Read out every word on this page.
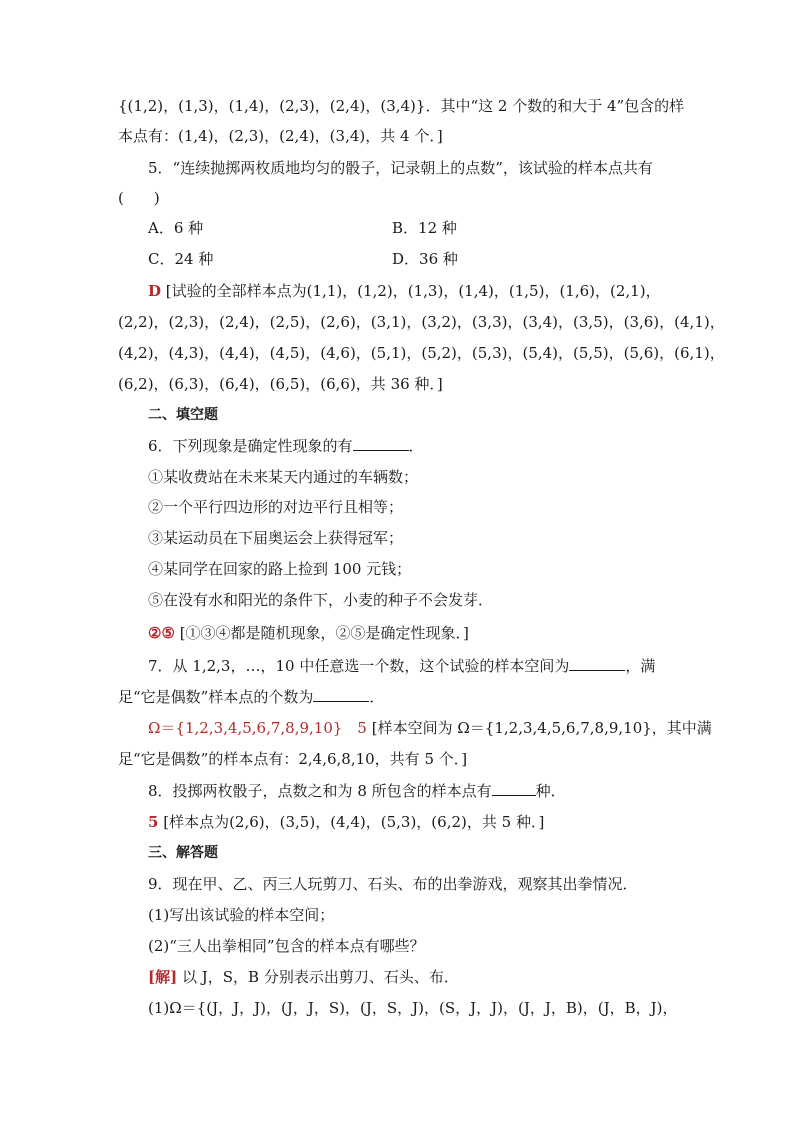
{(1,2)，(1,3)，(1,4)，(2,3)，(2,4)，(3,4)}．其中“这 2 个数的和大于 4”包含的样
本点有：(1,4)，(2,3)，(2,4)，(3,4)，共 4 个．]
5．“连续抛掷两枚质地均匀的骰子，记录朝上的点数”，该试验的样本点共有
(　　)
A．6 种	B．12 种
C．24 种	D．36 种
D [试验的全部样本点为(1,1)，(1,2)，(1,3)，(1,4)，(1,5)，(1,6)，(2,1)，
(2,2)，(2,3)，(2,4)，(2,5)，(2,6)，(3,1)，(3,2)，(3,3)，(3,4)，(3,5)，(3,6)，(4,1)，
(4,2)，(4,3)，(4,4)，(4,5)，(4,6)，(5,1)，(5,2)，(5,3)，(5,4)，(5,5)，(5,6)，(6,1)，
(6,2)，(6,3)，(6,4)，(6,5)，(6,6)，共 36 种．]
二、填空题
6．下列现象是确定性现象的有	．
①某收费站在未来某天内通过的车辆数；
②一个平行四边形的对边平行且相等；
③某运动员在下届奥运会上获得冠军；
④某同学在回家的路上捡到 100 元钱；
⑤在没有水和阳光的条件下，小麦的种子不会发芽．
②⑤ [①③④都是随机现象，②⑤是确定性现象．]
7．从 1,2,3，…，10 中任意选一个数，这个试验的样本空间为	，满
足“它是偶数”样本点的个数为	．
Ω＝{1,2,3,4,5,6,7,8,9,10}　5 [样本空间为 Ω＝{1,2,3,4,5,6,7,8,9,10}，其中满
足“它是偶数”的样本点有：2,4,6,8,10，共有 5 个．]
8．投掷两枚骰子，点数之和为 8 所包含的样本点有	种．
5 [样本点为(2,6)，(3,5)，(4,4)，(5,3)，(6,2)，共 5 种．]
三、解答题
9．现在甲、乙、丙三人玩剪刀、石头、布的出拳游戏，观察其出拳情况．
(1)写出该试验的样本空间；
(2)“三人出拳相同”包含的样本点有哪些？
[解] 以 J，S，B 分别表示出剪刀、石头、布．
(1)Ω＝{(J，J，J)，(J，J，S)，(J，S，J)，(S，J，J)，(J，J，B)，(J，B，J)，
